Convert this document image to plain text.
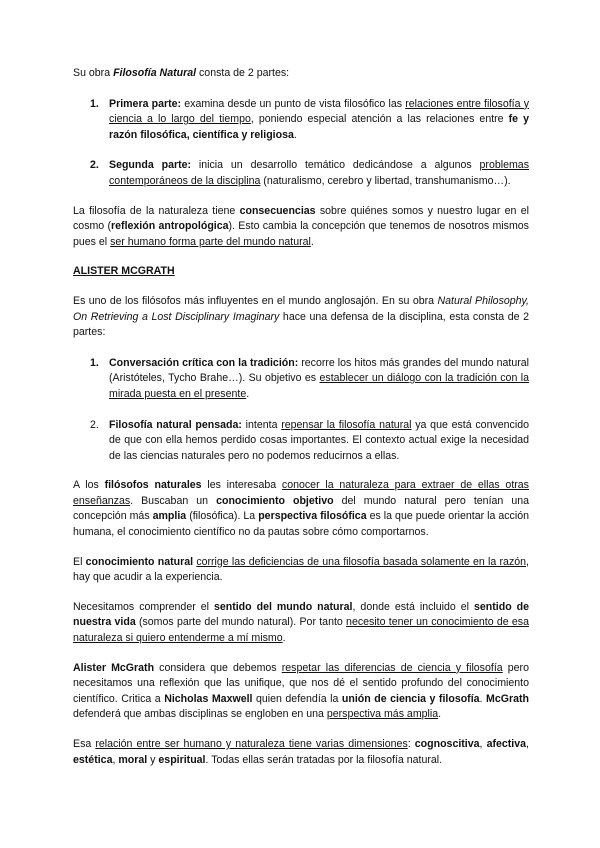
Su obra Filosofía Natural consta de 2 partes:

1. Primera parte: examina desde un punto de vista filosófico las relaciones entre filosofía y ciencia a lo largo del tiempo, poniendo especial atención a las relaciones entre fe y razón filosófica, científica y religiosa.
2. Segunda parte: inicia un desarrollo temático dedicándose a algunos problemas contemporáneos de la disciplina (naturalismo, cerebro y libertad, transhumanismo…).

La filosofía de la naturaleza tiene consecuencias sobre quiénes somos y nuestro lugar en el cosmo (reflexión antropológica). Esto cambia la concepción que tenemos de nosotros mismos pues el ser humano forma parte del mundo natural.

ALISTER MCGRATH

Es uno de los filósofos más influyentes en el mundo anglosajón. En su obra Natural Philosophy, On Retrieving a Lost Disciplinary Imaginary hace una defensa de la disciplina, esta consta de 2 partes:

1. Conversación crítica con la tradición: recorre los hitos más grandes del mundo natural (Aristóteles, Tycho Brahe…). Su objetivo es establecer un diálogo con la tradición con la mirada puesta en el presente.
2. Filosofía natural pensada: intenta repensar la filosofía natural ya que está convencido de que con ella hemos perdido cosas importantes. El contexto actual exige la necesidad de las ciencias naturales pero no podemos reducirnos a ellas.

A los filósofos naturales les interesaba conocer la naturaleza para extraer de ellas otras enseñanzas. Buscaban un conocimiento objetivo del mundo natural pero tenían una concepción más amplia (filosófica). La perspectiva filosófica es la que puede orientar la acción humana, el conocimiento científico no da pautas sobre cómo comportarnos.

El conocimiento natural corrige las deficiencias de una filosofía basada solamente en la razón, hay que acudir a la experiencia.

Necesitamos comprender el sentido del mundo natural, donde está incluido el sentido de nuestra vida (somos parte del mundo natural). Por tanto necesito tener un conocimiento de esa naturaleza si quiero entenderme a mí mismo.

Alister McGrath considera que debemos respetar las diferencias de ciencia y filosofía pero necesitamos una reflexión que las unifique, que nos dé el sentido profundo del conocimiento científico. Critica a Nicholas Maxwell quien defendía la unión de ciencia y filosofía. McGrath defenderá que ambas disciplinas se engloben en una perspectiva más amplia.

Esa relación entre ser humano y naturaleza tiene varias dimensiones: cognoscitiva, afectiva, estética, moral y espiritual. Todas ellas serán tratadas por la filosofía natural.
